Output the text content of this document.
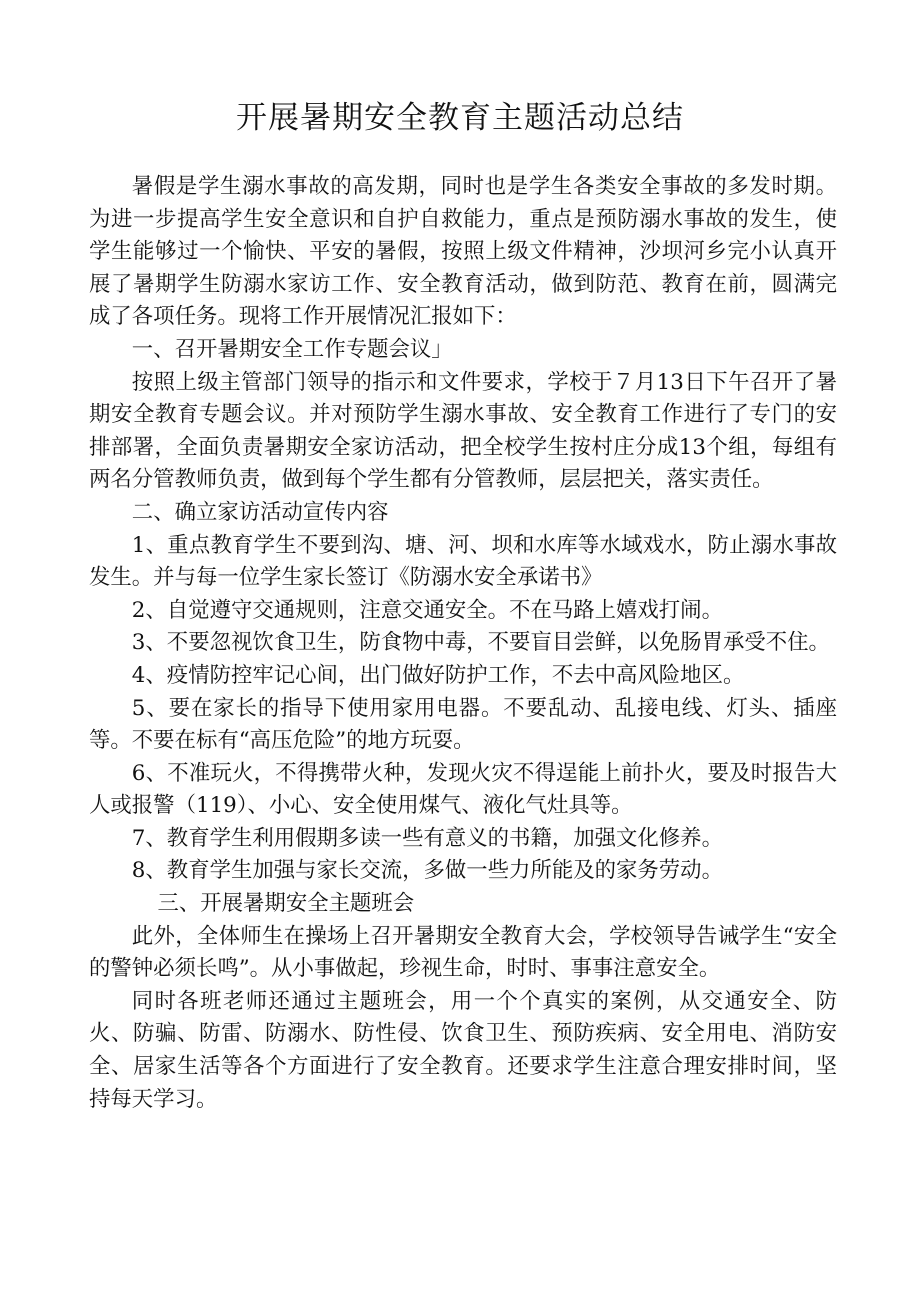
开展暑期安全教育主题活动总结

暑假是学生溺水事故的高发期，同时也是学生各类安全事故的多发时期。为进一步提高学生安全意识和自护自救能力，重点是预防溺水事故的发生，使学生能够过一个愉快、平安的暑假，按照上级文件精神，沙坝河乡完小认真开展了暑期学生防溺水家访工作、安全教育活动，做到防范、教育在前，圆满完成了各项任务。现将工作开展情况汇报如下：

一、召开暑期安全工作专题会议」

按照上级主管部门领导的指示和文件要求，学校于７月13日下午召开了暑期安全教育专题会议。并对预防学生溺水事故、安全教育工作进行了专门的安排部署，全面负责暑期安全家访活动，把全校学生按村庄分成13个组，每组有两名分管教师负责，做到每个学生都有分管教师，层层把关，落实责任。

二、确立家访活动宣传内容

1、重点教育学生不要到沟、塘、河、坝和水库等水域戏水，防止溺水事故发生。并与每一位学生家长签订《防溺水安全承诺书》

2、自觉遵守交通规则，注意交通安全。不在马路上嬉戏打闹。

3、不要忽视饮食卫生，防食物中毒，不要盲目尝鲜，以免肠胃承受不住。

4、疫情防控牢记心间，出门做好防护工作，不去中高风险地区。

5、要在家长的指导下使用家用电器。不要乱动、乱接电线、灯头、插座等。不要在标有“高压危险”的地方玩耍。

6、不准玩火，不得携带火种，发现火灾不得逞能上前扑火，要及时报告大人或报警（119）、小心、安全使用煤气、液化气灶具等。

7、教育学生利用假期多读一些有意义的书籍，加强文化修养。

8、教育学生加强与家长交流，多做一些力所能及的家务劳动。

三、开展暑期安全主题班会

此外，全体师生在操场上召开暑期安全教育大会，学校领导告诫学生“安全的警钟必须长鸣”。从小事做起，珍视生命，时时、事事注意安全。

同时各班老师还通过主题班会，用一个个真实的案例，从交通安全、防火、防骗、防雷、防溺水、防性侵、饮食卫生、预防疾病、安全用电、消防安全、居家生活等各个方面进行了安全教育。还要求学生注意合理安排时间，坚持每天学习。
